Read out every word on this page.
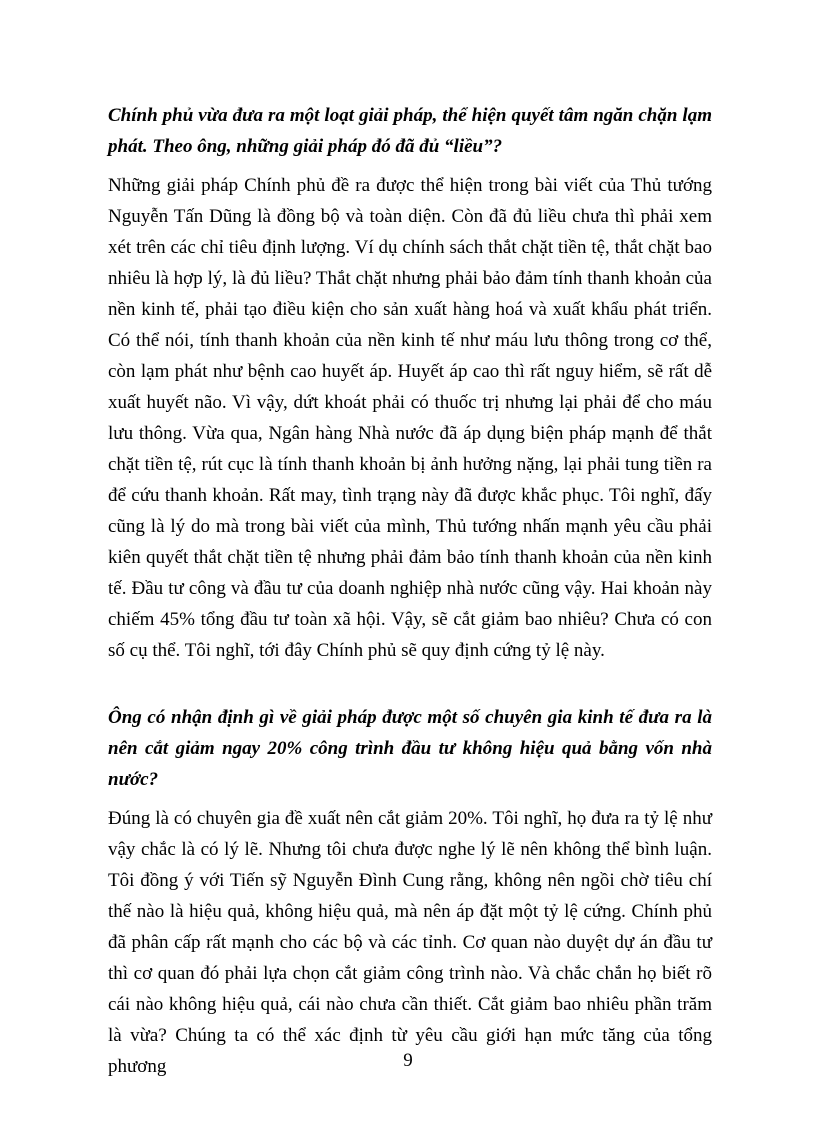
Chính phủ vừa đưa ra một loạt giải pháp, thể hiện quyết tâm ngăn chặn lạm phát. Theo ông, những giải pháp đó đã đủ “liều”?

Những giải pháp Chính phủ đề ra được thể hiện trong bài viết của Thủ tướng Nguyễn Tấn Dũng là đồng bộ và toàn diện. Còn đã đủ liều chưa thì phải xem xét trên các chỉ tiêu định lượng. Ví dụ chính sách thắt chặt tiền tệ, thắt chặt bao nhiêu là hợp lý, là đủ liều? Thắt chặt nhưng phải bảo đảm tính thanh khoản của nền kinh tế, phải tạo điều kiện cho sản xuất hàng hoá và xuất khẩu phát triển. Có thể nói, tính thanh khoản của nền kinh tế như máu lưu thông trong cơ thể, còn lạm phát như bệnh cao huyết áp. Huyết áp cao thì rất nguy hiểm, sẽ rất dễ xuất huyết não. Vì vậy, dứt khoát phải có thuốc trị nhưng lại phải để cho máu lưu thông. Vừa qua, Ngân hàng Nhà nước đã áp dụng biện pháp mạnh để thắt chặt tiền tệ, rút cục là tính thanh khoản bị ảnh hưởng nặng, lại phải tung tiền ra để cứu thanh khoản. Rất may, tình trạng này đã được khắc phục. Tôi nghĩ, đấy cũng là lý do mà trong bài viết của mình, Thủ tướng nhấn mạnh yêu cầu phải kiên quyết thắt chặt tiền tệ nhưng phải đảm bảo tính thanh khoản của nền kinh tế. Đầu tư công và đầu tư của doanh nghiệp nhà nước cũng vậy. Hai khoản này chiếm 45% tổng đầu tư toàn xã hội. Vậy, sẽ cắt giảm bao nhiêu? Chưa có con số cụ thể. Tôi nghĩ, tới đây Chính phủ sẽ quy định cứng tỷ lệ này.

Ông có nhận định gì về giải pháp được một số chuyên gia kinh tế đưa ra là nên cắt giảm ngay 20% công trình đầu tư không hiệu quả bằng vốn nhà nước?

Đúng là có chuyên gia đề xuất nên cắt giảm 20%. Tôi nghĩ, họ đưa ra tỷ lệ như vậy chắc là có lý lẽ. Nhưng tôi chưa được nghe lý lẽ nên không thể bình luận. Tôi đồng ý với Tiến sỹ Nguyễn Đình Cung rằng, không nên ngồi chờ tiêu chí thế nào là hiệu quả, không hiệu quả, mà nên áp đặt một tỷ lệ cứng. Chính phủ đã phân cấp rất mạnh cho các bộ và các tỉnh. Cơ quan nào duyệt dự án đầu tư thì cơ quan đó phải lựa chọn cắt giảm công trình nào. Và chắc chắn họ biết rõ cái nào không hiệu quả, cái nào chưa cần thiết. Cắt giảm bao nhiêu phần trăm là vừa? Chúng ta có thể xác định từ yêu cầu giới hạn mức tăng của tổng phương	9
